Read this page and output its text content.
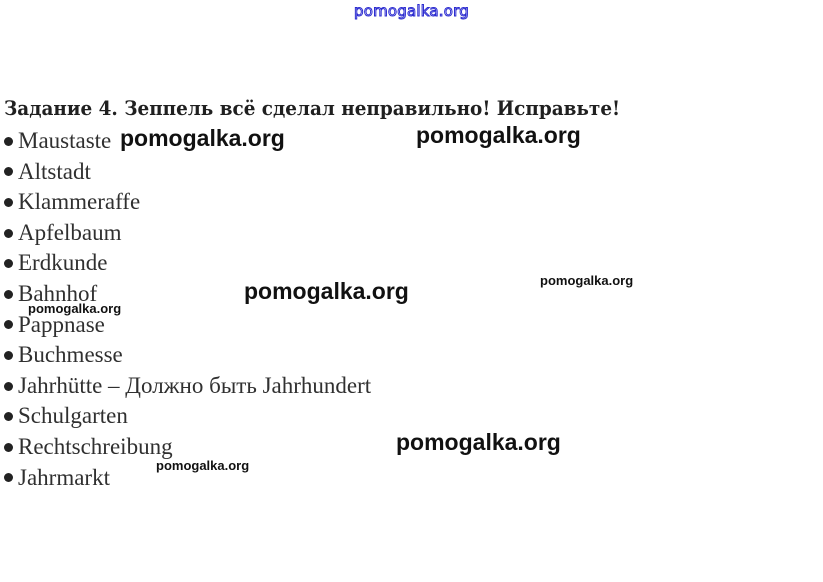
pomogalka.org
Задание 4. Зеппель всё сделал неправильно! Исправьте!
Maustaste
Altstadt
Klammeraffe
Apfelbaum
Erdkunde
Bahnhof
Pappnase
Buchmesse
Jahrhütte – Должно быть Jahrhundert
Schulgarten
Rechtschreibung
Jahrmarkt
pomogalka.org	pomogalka.org
pomogalka.org	pomogalka.org
pomogalka.org
pomogalka.org
pomogalka.org
